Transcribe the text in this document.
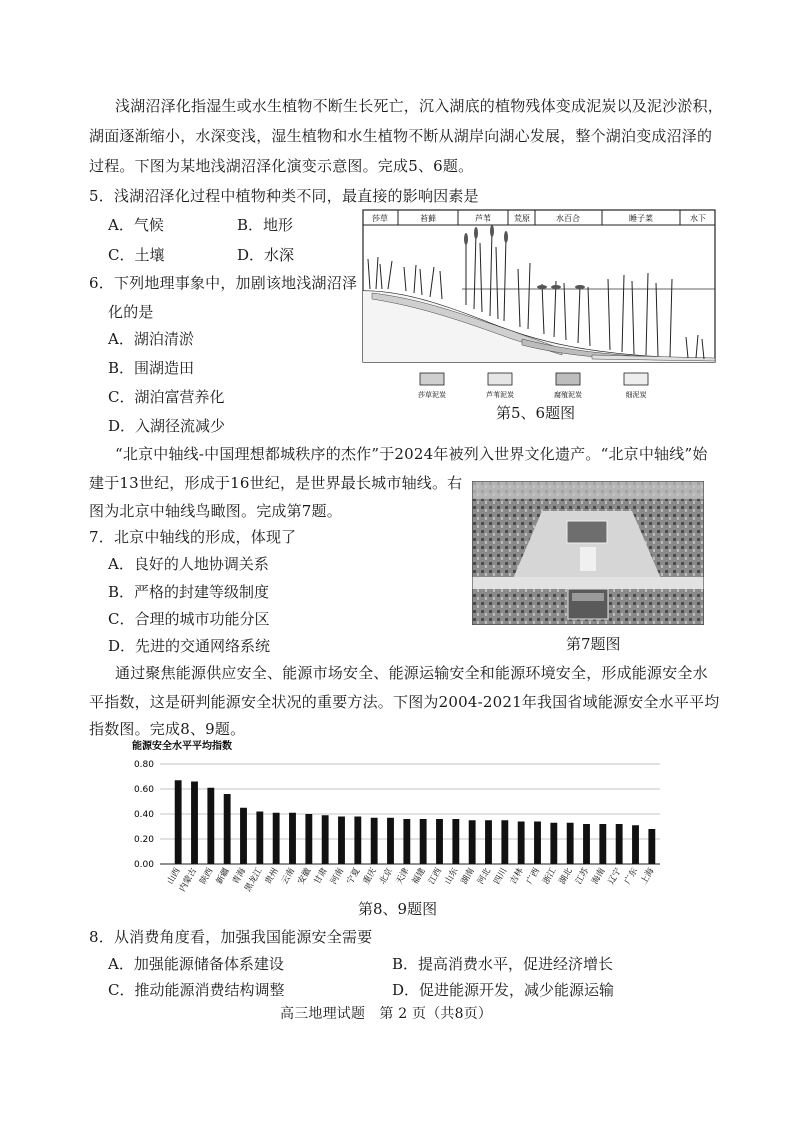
浅湖沼泽化指湿生或水生植物不断生长死亡，沉入湖底的植物残体变成泥炭以及泥沙淤积，
湖面逐渐缩小，水深变浅，湿生植物和水生植物不断从湖岸向湖心发展，整个湖泊变成沼泽的
过程。下图为某地浅湖沼泽化演变示意图。完成5、6题。
5．浅湖沼泽化过程中植物种类不同，最直接的影响因素是
A．气候	B．地形
C．土壤	D．水深
6．下列地理事象中，加剧该地浅湖沼泽
化的是
A．湖泊清淤
B．围湖造田
C．湖泊富营养化
D．入湖径流减少
莎草	苔藓	芦苇	荒原	水百合	睡子菜	水下
莎草泥炭	芦苇泥炭	腐殖泥炭	细泥炭
第5、6题图
“北京中轴线-中国理想都城秩序的杰作”于2024年被列入世界文化遗产。“北京中轴线”始
建于13世纪，形成于16世纪，是世界最长城市轴线。右
图为北京中轴线鸟瞰图。完成第7题。
7．北京中轴线的形成，体现了
A．良好的人地协调关系
B．严格的封建等级制度
C．合理的城市功能分区
D．先进的交通网络系统	第7题图
通过聚焦能源供应安全、能源市场安全、能源运输安全和能源环境安全，形成能源安全水
平指数，这是研判能源安全状况的重要方法。下图为2004-2021年我国省域能源安全水平平均
指数图。完成8、9题。
能源安全水平平均指数
0.00
0.20
0.40
0.60
0.80
山西
内蒙古 陕西 新疆 青海
黑龙江 贵州 云南 安徽 甘肃 河南 宁夏 重庆 北京 天津 福建 江西 山东 湖南 河北 四川 吉林 广西 浙江 湖北 江苏 海南 辽宁 广东 上海
第8、9题图
8．从消费角度看，加强我国能源安全需要
A．加强能源储备体系建设	B．提高消费水平，促进经济增长
C．推动能源消费结构调整	D．促进能源开发，减少能源运输
高三地理试题　第 2 页（共8页）
